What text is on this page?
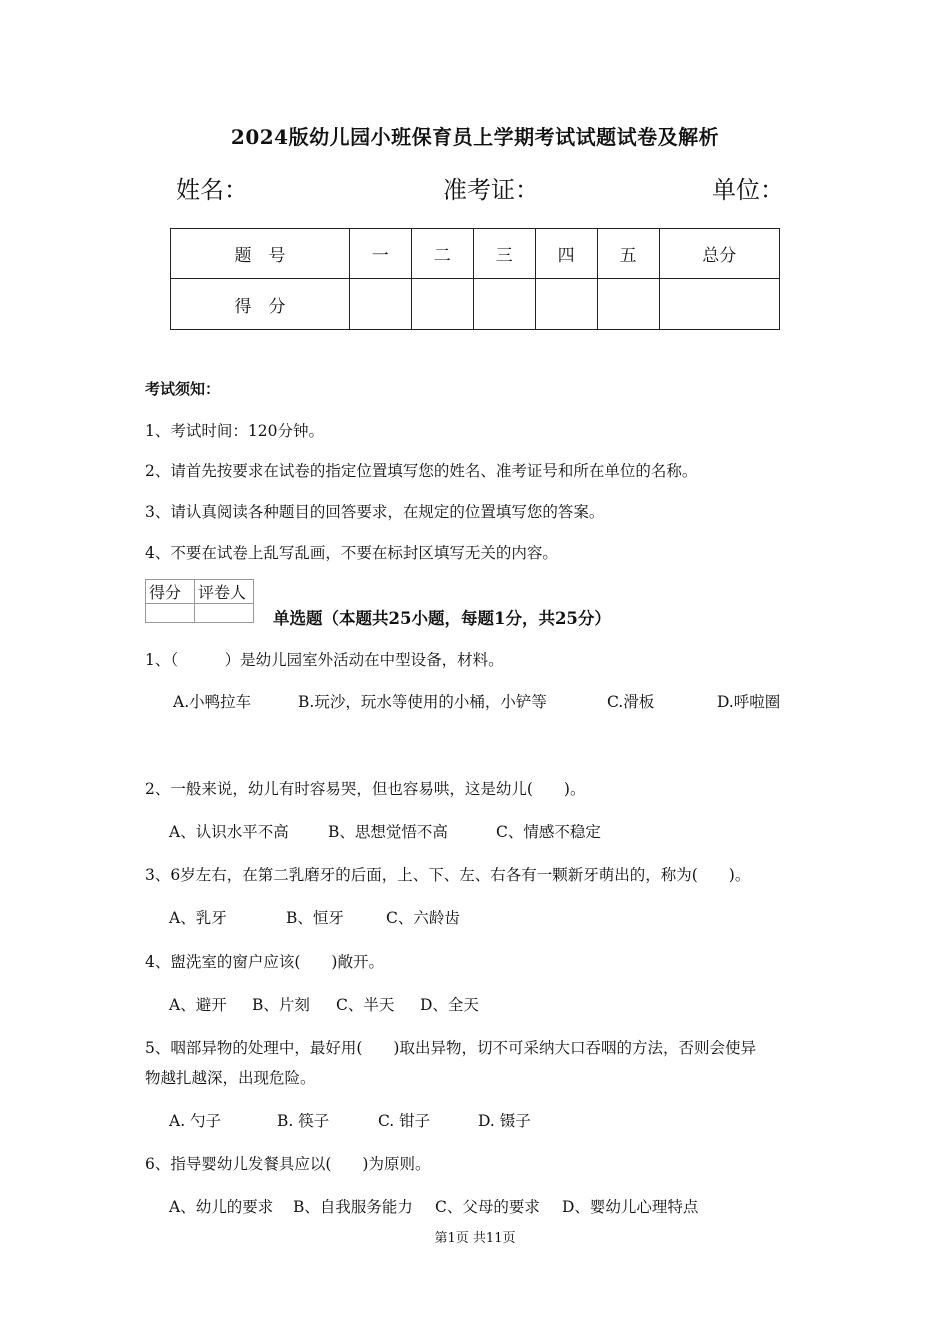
2024版幼儿园小班保育员上学期考试试题试卷及解析
姓名：	准考证：	单位：
题　号	一	二	三	四	五	总分
得　分						
考试须知：
1、考试时间：120分钟。
2、请首先按要求在试卷的指定位置填写您的姓名、准考证号和所在单位的名称。
3、请认真阅读各种题目的回答要求，在规定的位置填写您的答案。
4、不要在试卷上乱写乱画，不要在标封区填写无关的内容。
得分	评卷人

单选题（本题共25小题，每题1分，共25分）
1、（　　　）是幼儿园室外活动在中型设备，材料。
A.小鸭拉车	B.玩沙，玩水等使用的小桶，小铲等	C.滑板	D.呼啦圈
2、一般来说，幼儿有时容易哭，但也容易哄，这是幼儿(　　)。
A、认识水平不高	B、思想觉悟不高	C、情感不稳定
3、6岁左右，在第二乳磨牙的后面，上、下、左、右各有一颗新牙萌出的，称为(　　)。
A、乳牙	B、恒牙	C、六龄齿
4、盥洗室的窗户应该(　　)敞开。
A、避开 B、片刻 C、半天 D、全天
5、咽部异物的处理中，最好用(　　)取出异物，切不可采纳大口吞咽的方法，否则会使异
物越扎越深，出现危险。
A. 勺子	B. 筷子	C. 钳子	D. 镊子
6、指导婴幼儿发餐具应以(　　)为原则。
A、幼儿的要求 B、自我服务能力 C、父母的要求 D、婴幼儿心理特点
第1页 共11页
